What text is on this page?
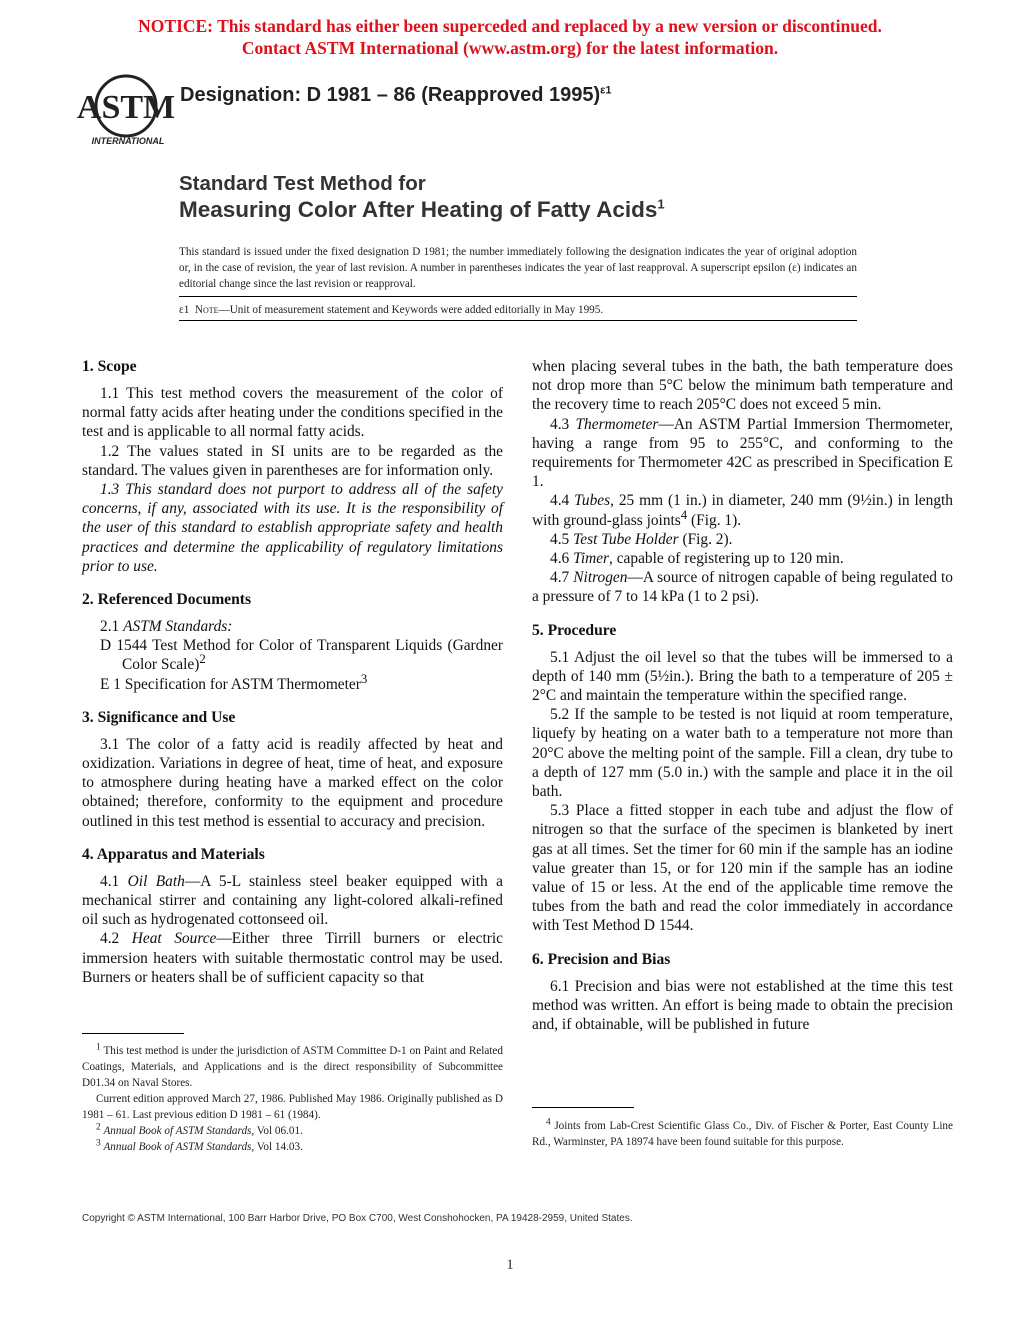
NOTICE: This standard has either been superceded and replaced by a new version or discontinued.
Contact ASTM International (www.astm.org) for the latest information.
ASTM
INTERNATIONAL
Designation: D 1981 – 86 (Reapproved 1995)$^{\varepsilon 1}$
Standard Test Method for
Measuring Color After Heating of Fatty Acids$^1$
This standard is issued under the fixed designation D 1981; the number immediately following the designation indicates the year of original adoption or, in the case of revision, the year of last revision. A number in parentheses indicates the year of last reapproval. A superscript epsilon (ε) indicates an editorial change since the last revision or reapproval.
ε1 Note—Unit of measurement statement and Keywords were added editorially in May 1995.
1. Scope

1.1 This test method covers the measurement of the color of normal fatty acids after heating under the conditions specified in the test and is applicable to all normal fatty acids.

1.2 The values stated in SI units are to be regarded as the standard. The values given in parentheses are for information only.

1.3 This standard does not purport to address all of the safety concerns, if any, associated with its use. It is the responsibility of the user of this standard to establish appropriate safety and health practices and determine the applicability of regulatory limitations prior to use.

2. Referenced Documents

2.1 ASTM Standards:

D 1544 Test Method for Color of Transparent Liquids (Gardner Color Scale)$^2$
E 1 Specification for ASTM Thermometer$^3$
3. Significance and Use

3.1 The color of a fatty acid is readily affected by heat and oxidization. Variations in degree of heat, time of heat, and exposure to atmosphere during heating have a marked effect on the color obtained; therefore, conformity to the equipment and procedure outlined in this test method is essential to accuracy and precision.

4. Apparatus and Materials

4.1 Oil Bath—A 5-L stainless steel beaker equipped with a mechanical stirrer and containing any light-colored alkali-refined oil such as hydrogenated cottonseed oil.

4.2 Heat Source—Either three Tirrill burners or electric immersion heaters with suitable thermostatic control may be used. Burners or heaters shall be of sufficient capacity so that

$^1$ This test method is under the jurisdiction of ASTM Committee D-1 on Paint and Related Coatings, Materials, and Applications and is the direct responsibility of Subcommittee D01.34 on Naval Stores.

Current edition approved March 27, 1986. Published May 1986. Originally published as D 1981 – 61. Last previous edition D 1981 – 61 (1984).

$^2$ Annual Book of ASTM Standards, Vol 06.01.

$^3$ Annual Book of ASTM Standards, Vol 14.03.

when placing several tubes in the bath, the bath temperature does not drop more than 5°C below the minimum bath temperature and the recovery time to reach 205°C does not exceed 5 min.

4.3 Thermometer—An ASTM Partial Immersion Thermometer, having a range from 95 to 255°C, and conforming to the requirements for Thermometer 42C as prescribed in Specification E 1.

4.4 Tubes, 25 mm (1 in.) in diameter, 240 mm (9½in.) in length with ground-glass joints$^4$ (Fig. 1).

4.5 Test Tube Holder (Fig. 2).

4.6 Timer, capable of registering up to 120 min.

4.7 Nitrogen—A source of nitrogen capable of being regulated to a pressure of 7 to 14 kPa (1 to 2 psi).

5. Procedure

5.1 Adjust the oil level so that the tubes will be immersed to a depth of 140 mm (5½in.). Bring the bath to a temperature of 205 ± 2°C and maintain the temperature within the specified range.

5.2 If the sample to be tested is not liquid at room temperature, liquefy by heating on a water bath to a temperature not more than 20°C above the melting point of the sample. Fill a clean, dry tube to a depth of 127 mm (5.0 in.) with the sample and place it in the oil bath.

5.3 Place a fitted stopper in each tube and adjust the flow of nitrogen so that the surface of the specimen is blanketed by inert gas at all times. Set the timer for 60 min if the sample has an iodine value greater than 15, or for 120 min if the sample has an iodine value of 15 or less. At the end of the applicable time remove the tubes from the bath and read the color immediately in accordance with Test Method D 1544.

6. Precision and Bias

6.1 Precision and bias were not established at the time this test method was written. An effort is being made to obtain the precision and, if obtainable, will be published in future

$^4$ Joints from Lab-Crest Scientific Glass Co., Div. of Fischer & Porter, East County Line Rd., Warminster, PA 18974 have been found suitable for this purpose.

Copyright © ASTM International, 100 Barr Harbor Drive, PO Box C700, West Conshohocken, PA 19428-2959, United States.
1
